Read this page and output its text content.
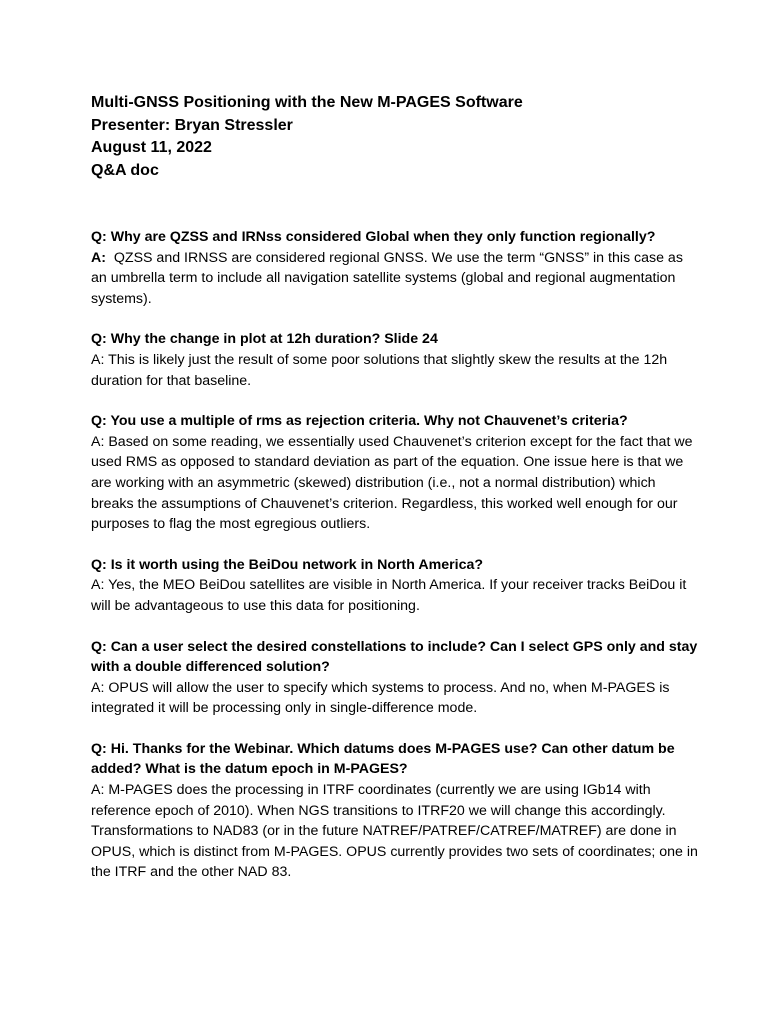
Multi-GNSS Positioning with the New M-PAGES Software

Presenter: Bryan Stressler

August 11, 2022

Q&A doc

Q: Why are QZSS and IRNss considered Global when they only function regionally?

A:  QZSS and IRNSS are considered regional GNSS. We use the term “GNSS” in this case as an umbrella term to include all navigation satellite systems (global and regional augmentation systems).

Q: Why the change in plot at 12h duration? Slide 24

A: This is likely just the result of some poor solutions that slightly skew the results at the 12h duration for that baseline.

Q: You use a multiple of rms as rejection criteria. Why not Chauvenet’s criteria?

A: Based on some reading, we essentially used Chauvenet’s criterion except for the fact that we used RMS as opposed to standard deviation as part of the equation. One issue here is that we are working with an asymmetric (skewed) distribution (i.e., not a normal distribution) which breaks the assumptions of Chauvenet’s criterion. Regardless, this worked well enough for our purposes to flag the most egregious outliers.

Q: Is it worth using the BeiDou network in North America?

A: Yes, the MEO BeiDou satellites are visible in North America. If your receiver tracks BeiDou it will be advantageous to use this data for positioning.

Q: Can a user select the desired constellations to include? Can I select GPS only and stay with a double differenced solution?

A: OPUS will allow the user to specify which systems to process. And no, when M-PAGES is integrated it will be processing only in single-difference mode.

Q: Hi. Thanks for the Webinar. Which datums does M-PAGES use? Can other datum be added? What is the datum epoch in M-PAGES?

A: M-PAGES does the processing in ITRF coordinates (currently we are using IGb14 with reference epoch of 2010). When NGS transitions to ITRF20 we will change this accordingly. Transformations to NAD83 (or in the future NATREF/PATREF/CATREF/MATREF) are done in OPUS, which is distinct from M-PAGES. OPUS currently provides two sets of coordinates; one in the ITRF and the other NAD 83.
